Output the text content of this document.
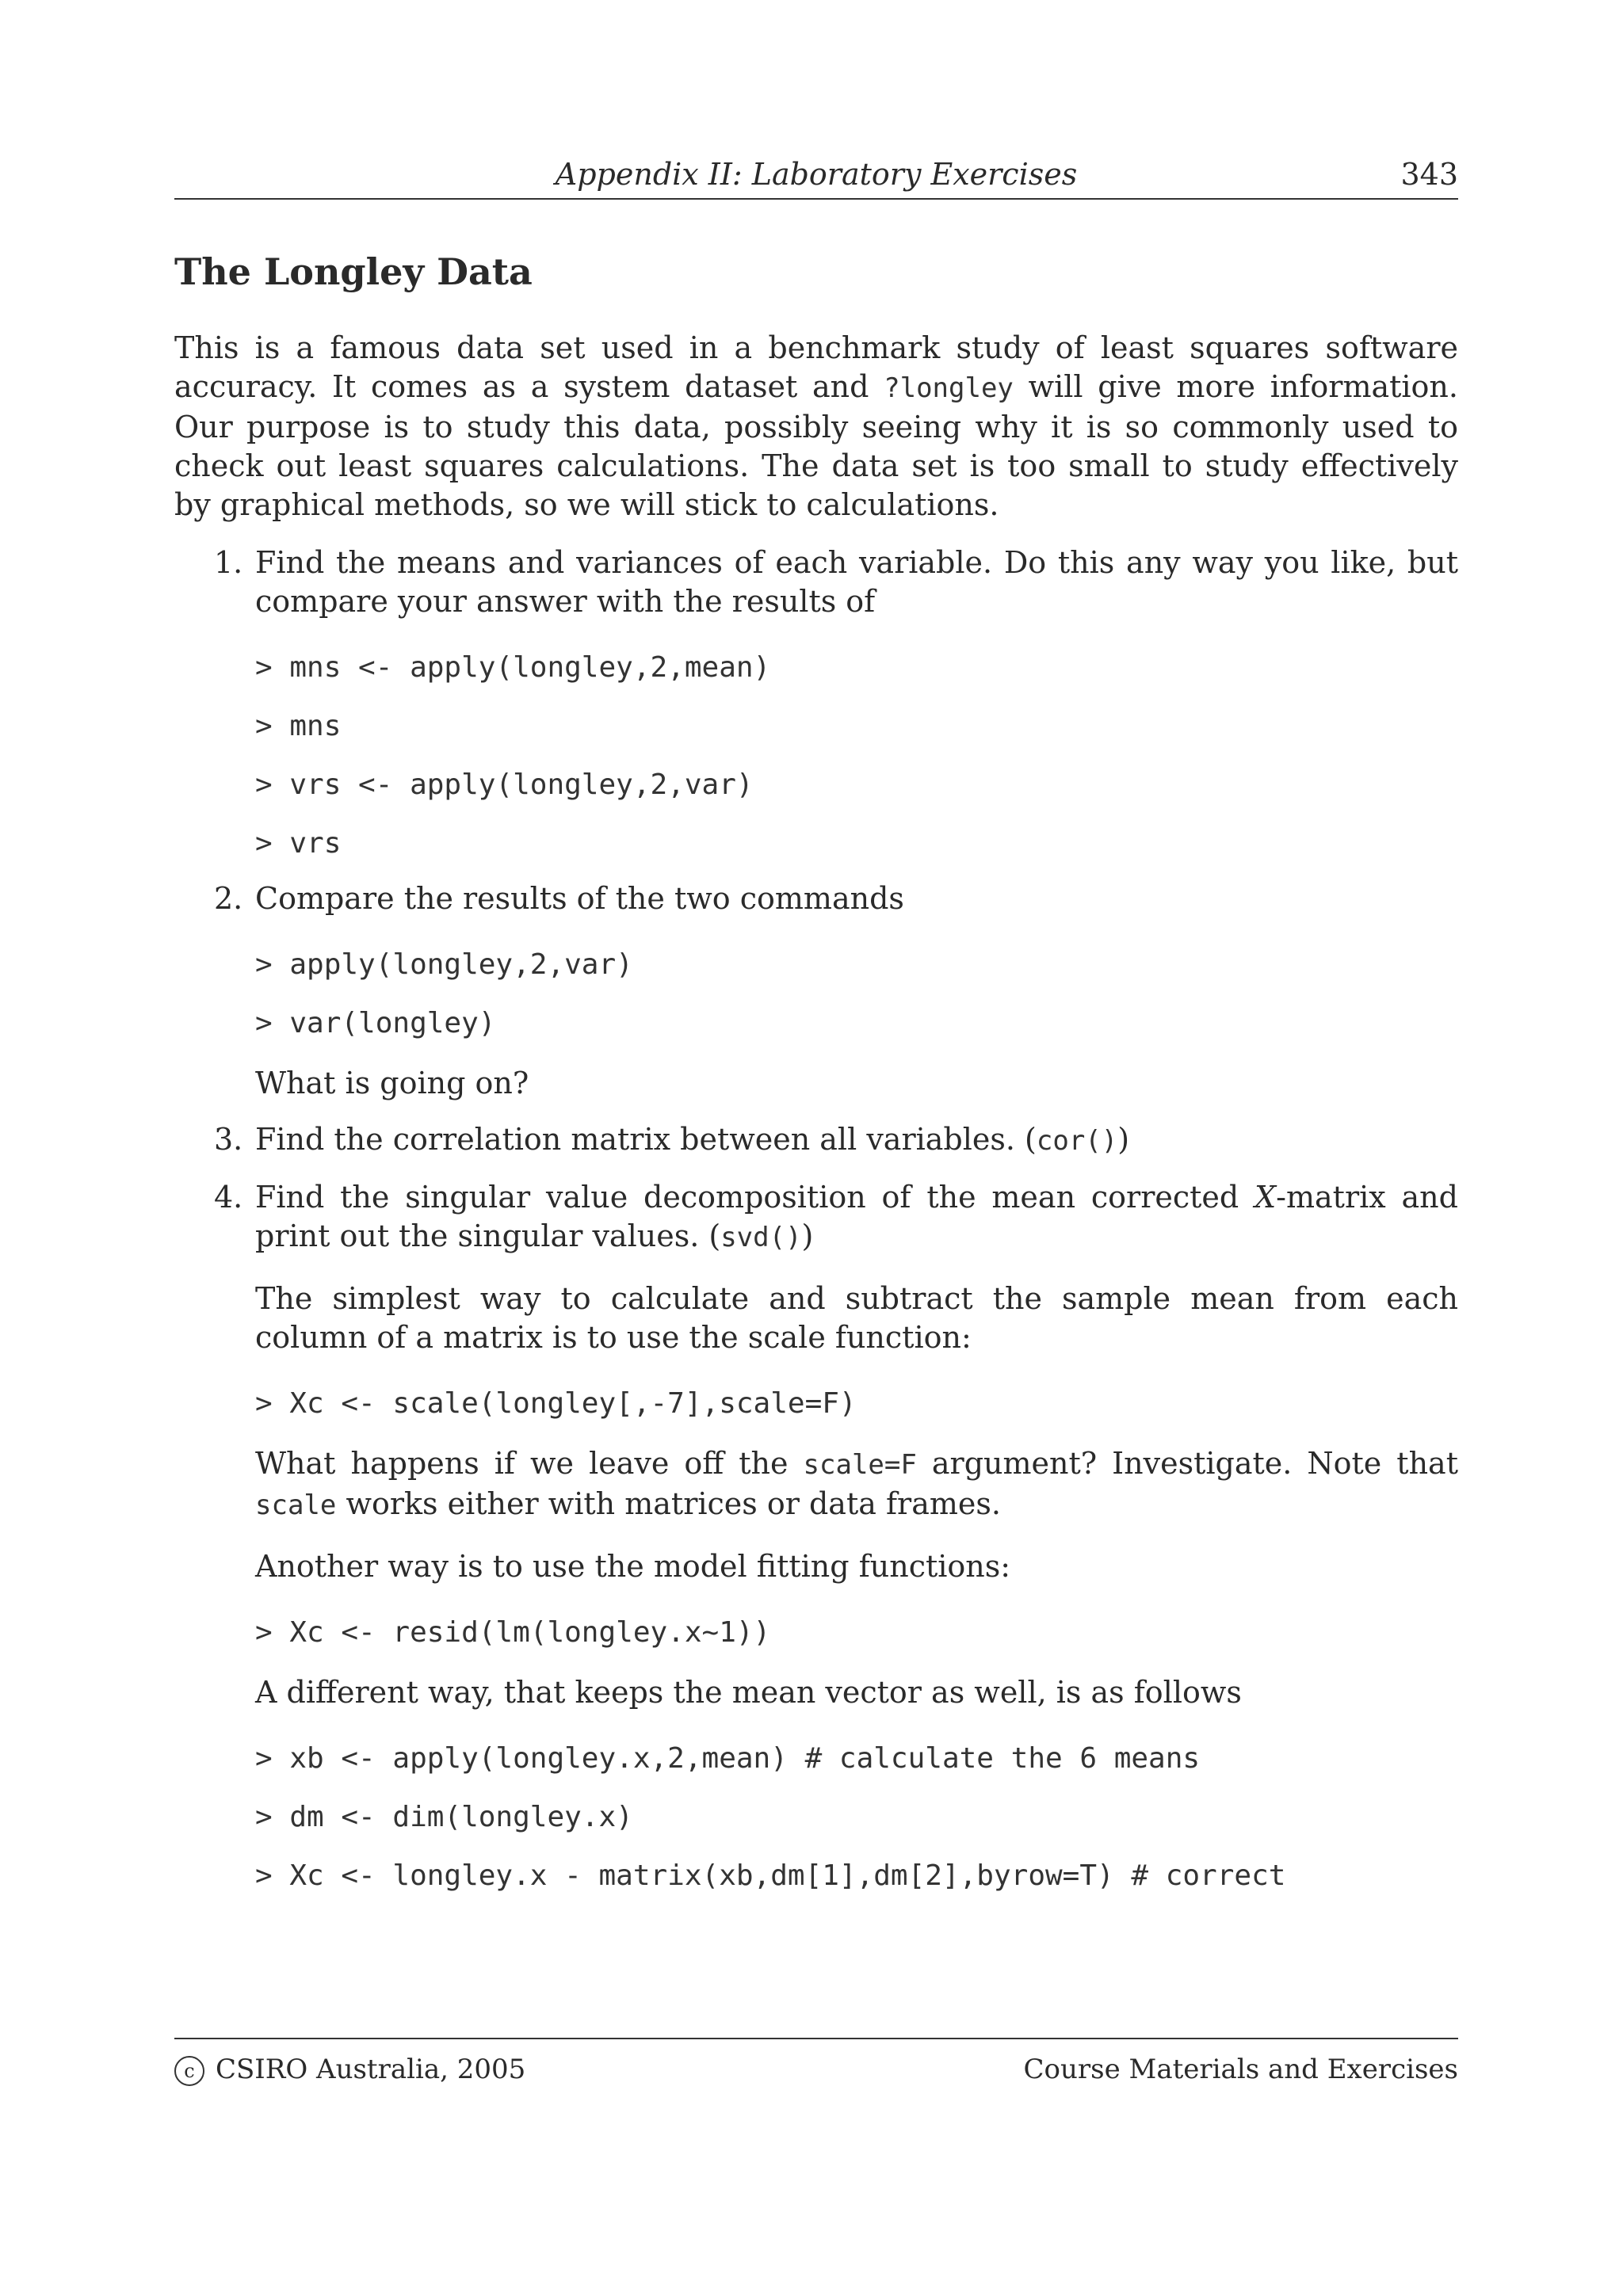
Appendix II: Laboratory Exercises	343
The Longley Data

This is a famous data set used in a benchmark study of least squares software accuracy. It comes as a system dataset and ?longley will give more information. Our purpose is to study this data, possibly seeing why it is so commonly used to check out least squares calculations. The data set is too small to study effectively by graphical methods, so we will stick to calculations.

1. Find the means and variances of each variable. Do this any way you like, but compare your answer with the results of
> mns <- apply(longley,2,mean)
> mns
> vrs <- apply(longley,2,var)
> vrs
2. Compare the results of the two commands
> apply(longley,2,var)
> var(longley)
What is going on?
3. Find the correlation matrix between all variables. (cor())
4. Find the singular value decomposition of the mean corrected X-matrix and print out the singular values. (svd())
The simplest way to calculate and subtract the sample mean from each column of a matrix is to use the scale function:
> Xc <- scale(longley[,-7],scale=F)
What happens if we leave off the scale=F argument? Investigate. Note that scale works either with matrices or data frames.
Another way is to use the model fitting functions:
> Xc <- resid(lm(longley.x~1))
A different way, that keeps the mean vector as well, is as follows
> xb <- apply(longley.x,2,mean) # calculate the 6 means
> dm <- dim(longley.x)
> Xc <- longley.x - matrix(xb,dm[1],dm[2],byrow=T) # correct
c CSIRO Australia, 2005	Course Materials and Exercises
